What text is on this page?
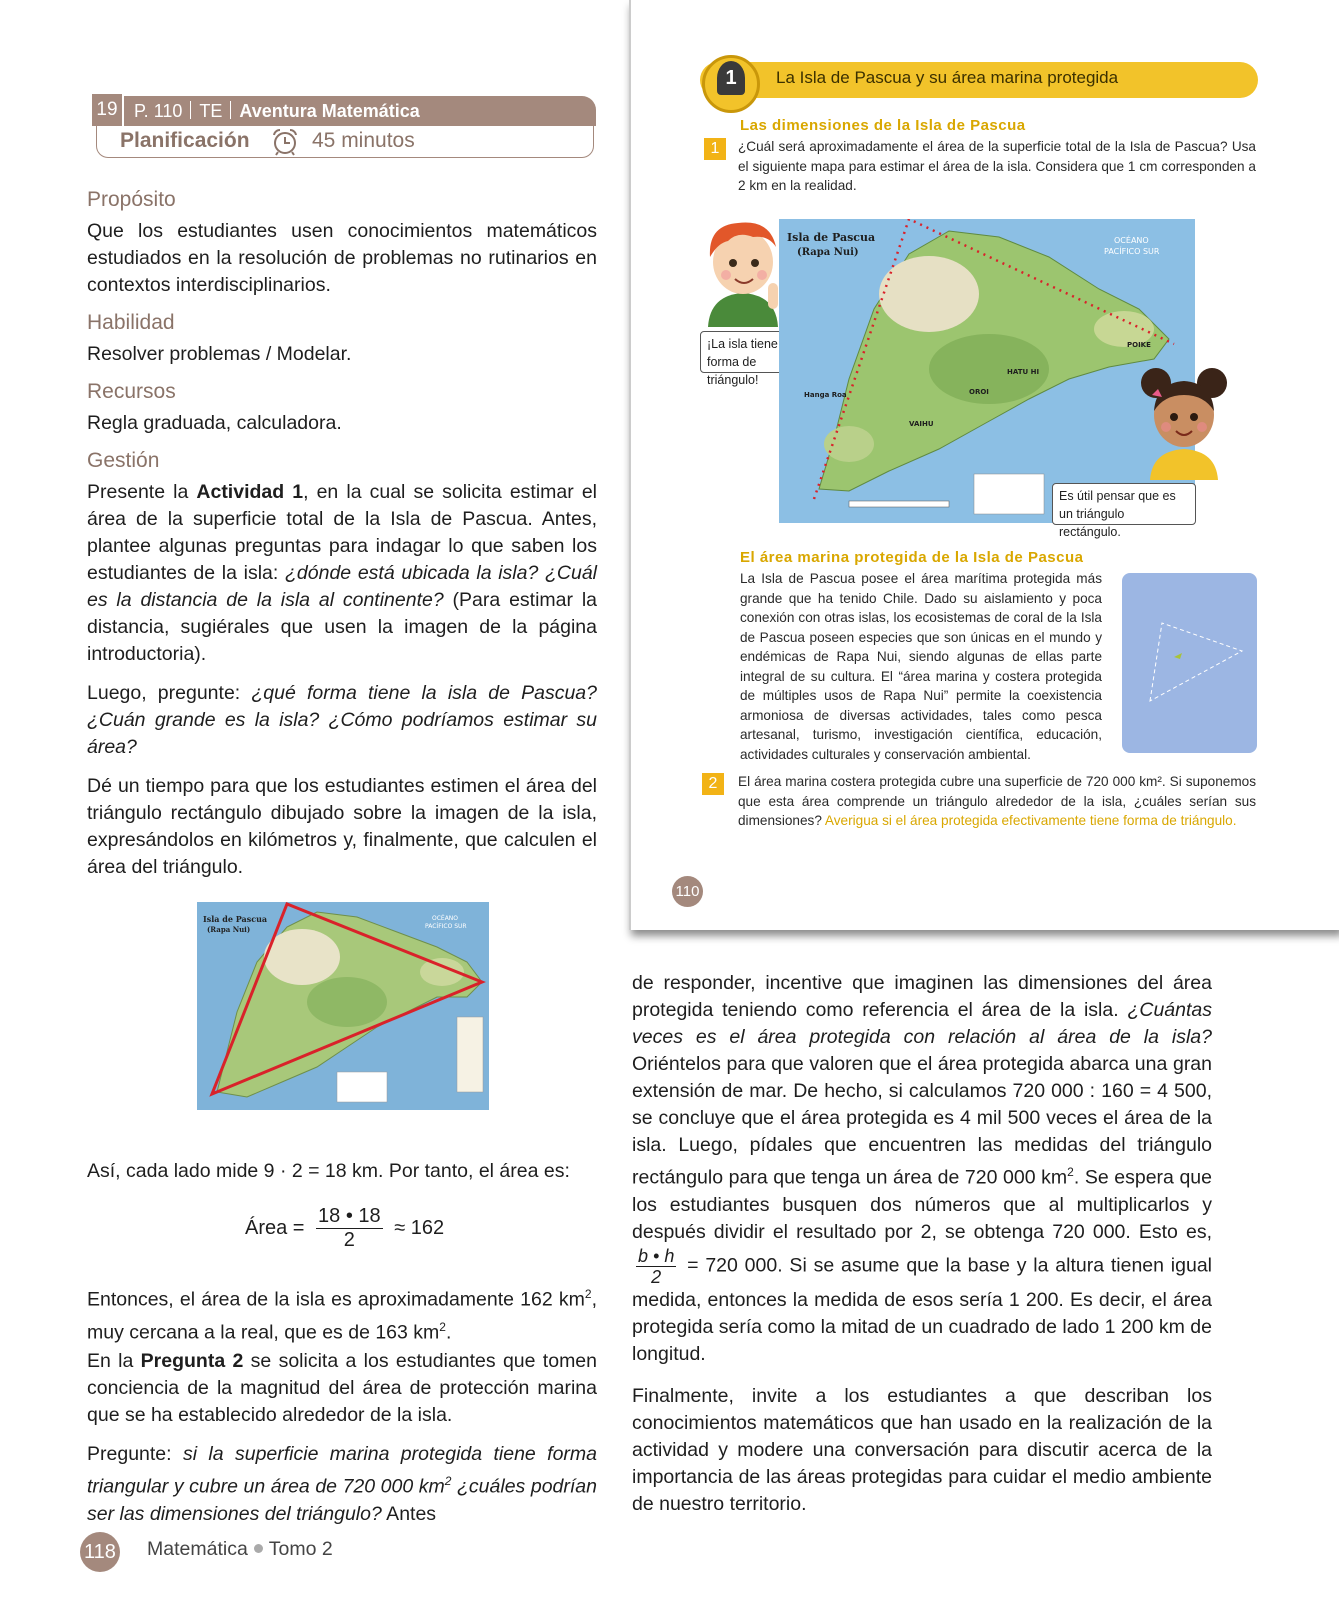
19 P. 110 TE Aventura Matemática
Planificación	45 minutos
Propósito

Que los estudiantes usen conocimientos matemáticos estudiados en la resolución de problemas no rutinarios en contextos interdisciplinarios.

Habilidad

Resolver problemas / Modelar.

Recursos

Regla graduada, calculadora.

Gestión

Presente la Actividad 1, en la cual se solicita estimar el área de la superficie total de la Isla de Pascua. Antes, plantee algunas preguntas para indagar lo que saben los estudiantes de la isla: ¿dónde está ubicada la isla? ¿Cuál es la distancia de la isla al continente? (Para estimar la distancia, sugiérales que usen la imagen de la página introductoria).

Luego, pregunte: ¿qué forma tiene la isla de Pascua? ¿Cuán grande es la isla? ¿Cómo podríamos estimar su área?

Dé un tiempo para que los estudiantes estimen el área del triángulo rectángulo dibujado sobre la imagen de la isla, expresándolos en kilómetros y, finalmente, que calculen el área del triángulo.

Isla de Pascua
(Rapa Nui)
OCÉANO
PACÍFICO SUR

Así, cada lado mide 9 · 2 = 18 km. Por tanto, el área es:

Área = $\frac{18 • 18}{2} \approx 162$

Entonces, el área de la isla es aproximadamente 162 $km^2$, muy cercana a la real, que es de 163 $km^2$.

En la Pregunta 2 se solicita a los estudiantes que tomen conciencia de la magnitud del área de protección marina que se ha establecido alrededor de la isla.

Pregunte: si la superficie marina protegida tiene forma triangular y cubre un área de 720 000 $km^2$ ¿cuáles podrían ser las dimensiones del triángulo? Antes

1	La Isla de Pascua y su área marina protegida
Las dimensiones de la Isla de Pascua
1	¿Cuál será aproximadamente el área de la superficie total de la Isla de Pascua? Usa el siguiente mapa para estimar el área de la isla. Considera que 1 cm corresponden a 2 km en la realidad.
¡La isla tiene forma de triángulo!
Isla de Pascua
(Rapa Nui)
OCÉANO
PACÍFICO SUR
Hanga Roa
HATU HI
POIKE
OROI
VAIHU
Es útil pensar que es un triángulo rectángulo.
El área marina protegida de la Isla de Pascua
La Isla de Pascua posee el área marítima protegida más grande que ha tenido Chile. Dado su aislamiento y poca conexión con otras islas, los ecosistemas de coral de la Isla de Pascua poseen especies que son únicas en el mundo y endémicas de Rapa Nui, siendo algunas de ellas parte integral de su cultura. El “área marina y costera protegida de múltiples usos de Rapa Nui” permite la coexistencia armoniosa de diversas actividades, tales como pesca artesanal, turismo, investigación científica, educación, actividades culturales y conservación ambiental.
2	El área marina costera protegida cubre una superficie de 720 000 km². Si suponemos que esta área comprende un triángulo alrededor de la isla, ¿cuáles serían sus dimensiones? Averigua si el área protegida efectivamente tiene forma de triángulo.
110

de responder, incentive que imaginen las dimensiones del área protegida teniendo como referencia el área de la isla. ¿Cuántas veces es el área protegida con relación al área de la isla? Oriéntelos para que valoren que el área protegida abarca una gran extensión de mar. De hecho, si calculamos 720 000 : 160 = 4 500, se concluye que el área protegida es 4 mil 500 veces el área de la isla. Luego, pídales que encuentren las medidas del triángulo rectángulo para que tenga un área de 720 000 $km^2$. Se espera que los estudiantes busquen dos números que al multiplicarlos y después dividir el resultado por 2, se obtenga 720 000. Esto es,
$\frac{b • h}{2} = 720$ 000. Si se asume que la base y la altura tienen igual medida, entonces la medida de esos sería 1 200. Es decir, el área protegida sería como la mitad de un cuadrado de lado 1 200 km de longitud.

Finalmente, invite a los estudiantes a que describan los conocimientos matemáticos que han usado en la realización de la actividad y modere una conversación para discutir acerca de la importancia de las áreas protegidas para cuidar el medio ambiente de nuestro territorio.

118 Matemática Tomo 2
